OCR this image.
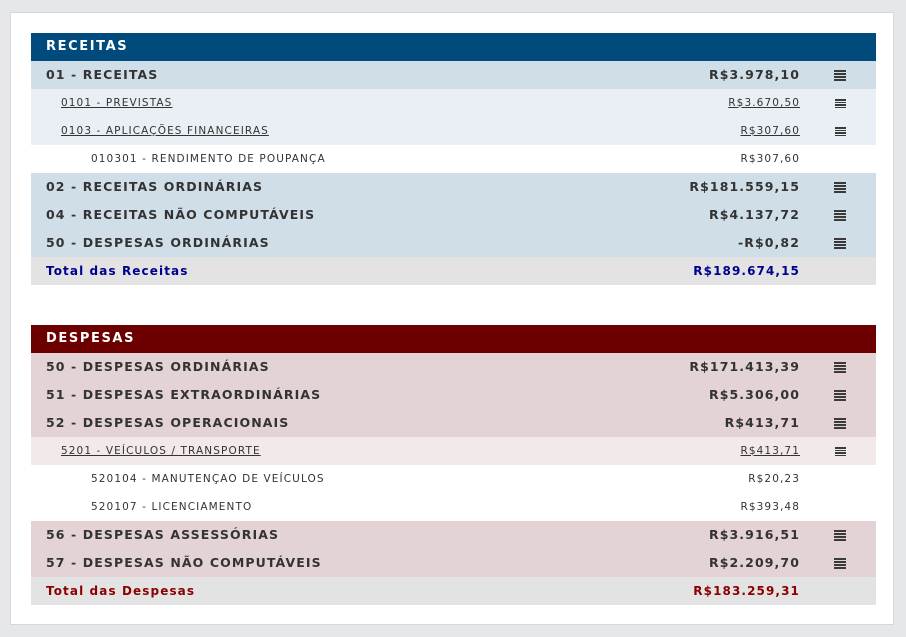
RECEITAS
01 - RECEITAS	R$3.978,10
0101 - PREVISTAS	R$3.670,50
0103 - APLICAÇÕES FINANCEIRAS	R$307,60
010301 - RENDIMENTO DE POUPANÇA	R$307,60
02 - RECEITAS ORDINÁRIAS	R$181.559,15
04 - RECEITAS NÃO COMPUTÁVEIS	R$4.137,72
50 - DESPESAS ORDINÁRIAS	-R$0,82
Total das Receitas	R$189.674,15
DESPESAS
50 - DESPESAS ORDINÁRIAS	R$171.413,39
51 - DESPESAS EXTRAORDINÁRIAS	R$5.306,00
52 - DESPESAS OPERACIONAIS	R$413,71
5201 - VEÍCULOS / TRANSPORTE	R$413,71
520104 - MANUTENÇAO DE VEÍCULOS	R$20,23
520107 - LICENCIAMENTO	R$393,48
56 - DESPESAS ASSESSÓRIAS	R$3.916,51
57 - DESPESAS NÃO COMPUTÁVEIS	R$2.209,70
Total das Despesas	R$183.259,31
